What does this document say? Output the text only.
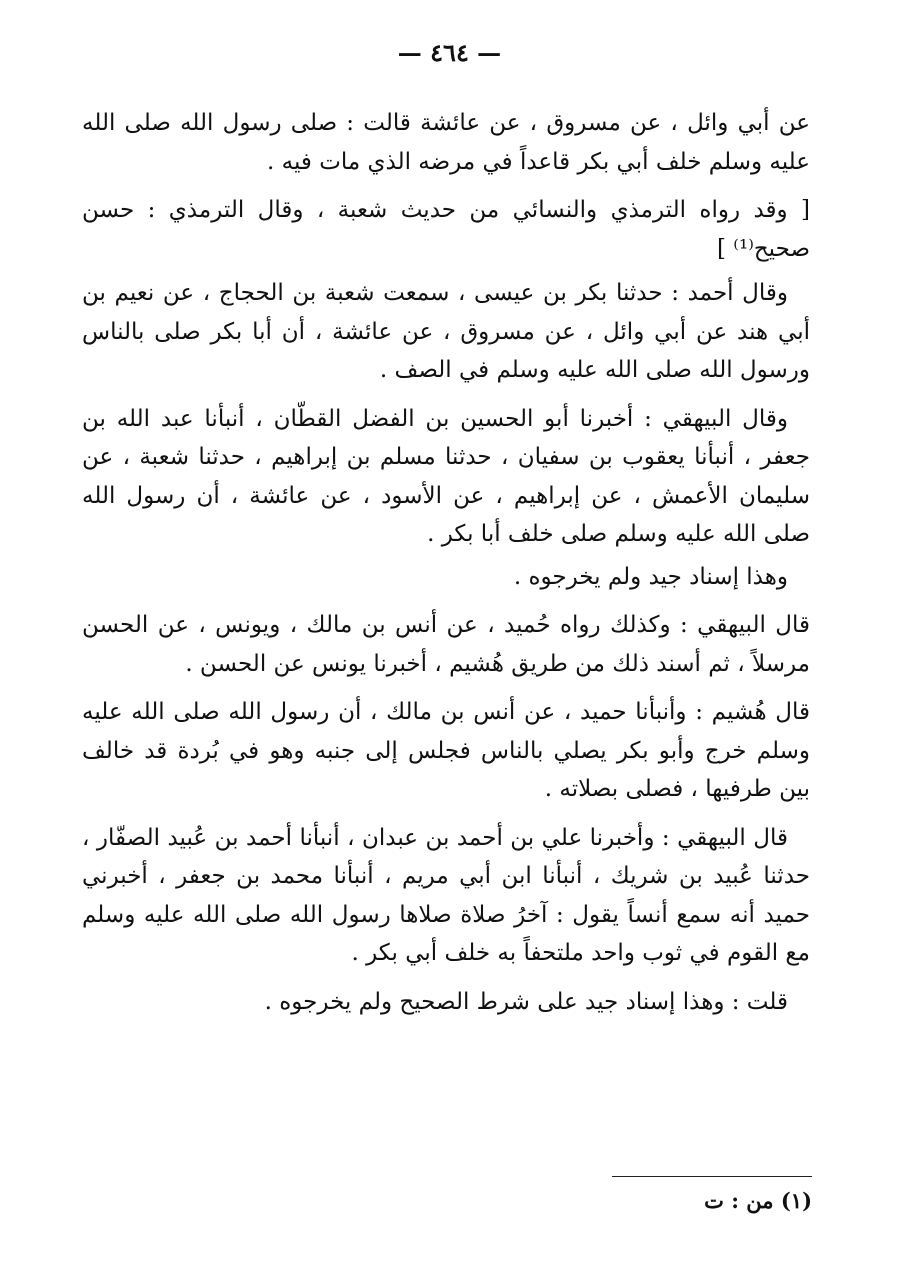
— ٤٦٤ —

عن أبي وائل ، عن مسروق ، عن عائشة قالت : صلى رسول الله صلى الله عليه وسلم خلف أبي بكر قاعداً في مرضه الذي مات فيه .

[ وقد رواه الترمذي والنسائي من حديث شعبة ، وقال الترمذي : حسن صحيح⁽¹⁾ ]

وقال أحمد : حدثنا بكر بن عيسى ، سمعت شعبة بن الحجاج ، عن نعيم بن أبي هند عن أبي وائل ، عن مسروق ، عن عائشة ، أن أبا بكر صلى بالناس ورسول الله صلى الله عليه وسلم في الصف .

وقال البيهقي : أخبرنا أبو الحسين بن الفضل القطّان ، أنبأنا عبد الله بن جعفر ، أنبأنا يعقوب بن سفيان ، حدثنا مسلم بن إبراهيم ، حدثنا شعبة ، عن سليمان الأعمش ، عن إبراهيم ، عن الأسود ، عن عائشة ، أن رسول الله صلى الله عليه وسلم صلى خلف أبا بكر .

وهذا إسناد جيد ولم يخرجوه .

قال البيهقي : وكذلك رواه حُميد ، عن أنس بن مالك ، ويونس ، عن الحسن مرسلاً ، ثم أسند ذلك من طريق هُشيم ، أخبرنا يونس عن الحسن .

قال هُشيم : وأنبأنا حميد ، عن أنس بن مالك ، أن رسول الله صلى الله عليه وسلم خرج وأبو بكر يصلي بالناس فجلس إلى جنبه وهو في بُردة قد خالف بين طرفيها ، فصلى بصلاته .

قال البيهقي : وأخبرنا علي بن أحمد بن عبدان ، أنبأنا أحمد بن عُبيد الصفّار ، حدثنا عُبيد بن شريك ، أنبأنا ابن أبي مريم ، أنبأنا محمد بن جعفر ، أخبرني حميد أنه سمع أنساً يقول : آخرُ صلاة صلاها رسول الله صلى الله عليه وسلم مع القوم في ثوب واحد ملتحفاً به خلف أبي بكر .

قلت : وهذا إسناد جيد على شرط الصحيح ولم يخرجوه .

(١) من : ت
